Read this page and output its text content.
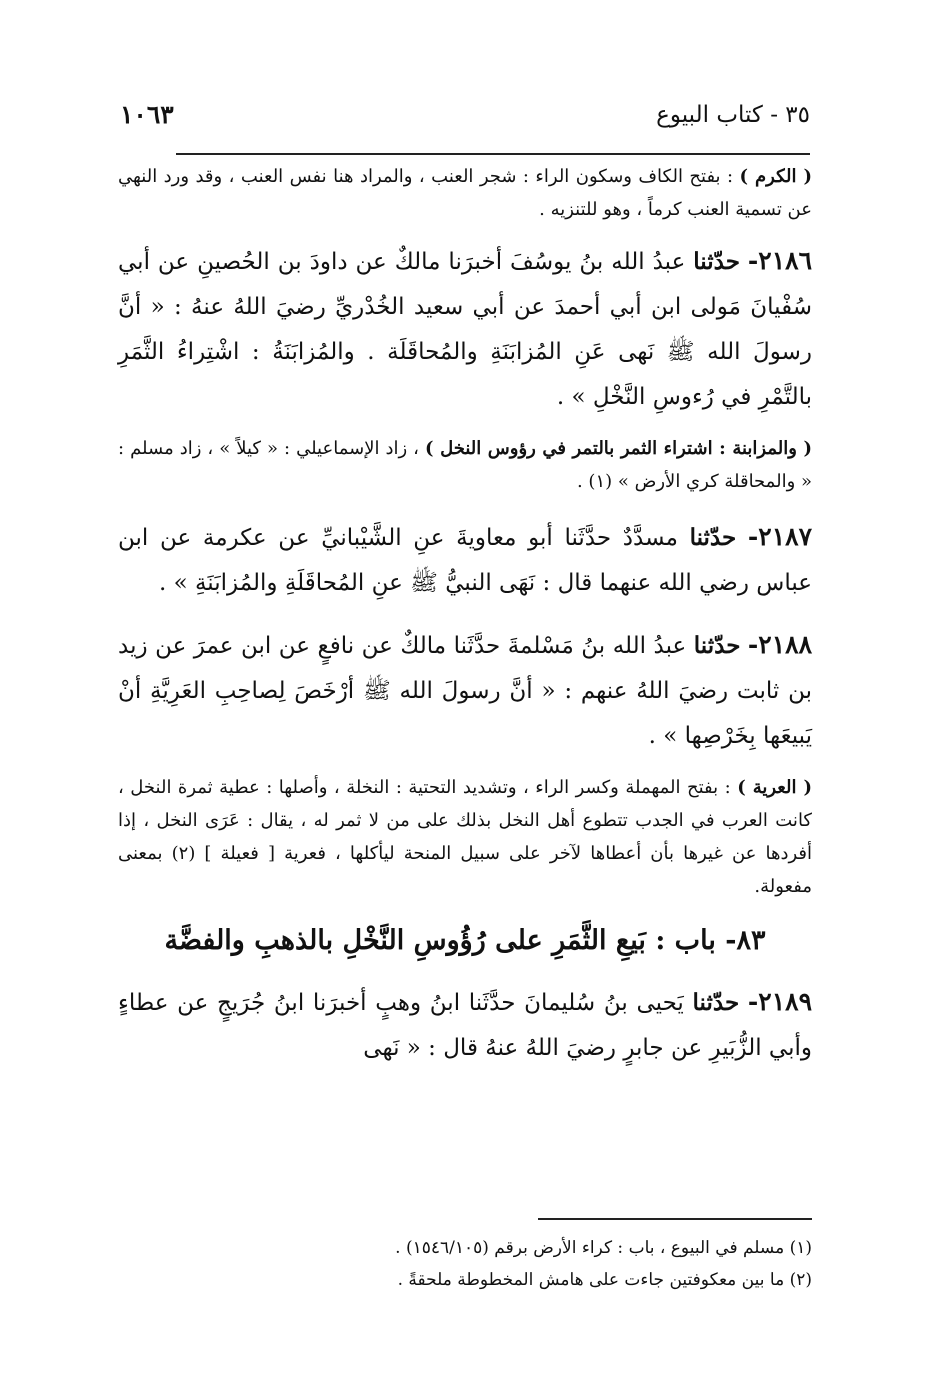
٣٥ - كتاب البيوع
١٠٦٣

( الكرم ) : بفتح الكاف وسكون الراء : شجر العنب ، والمراد هنا نفس العنب ، وقد ورد النهي عن تسمية العنب كرماً ، وهو للتنزيه .

٢١٨٦- حدّثنا عبدُ الله بنُ يوسُفَ أخبرَنا مالكٌ عن داودَ بن الحُصينِ عن أبي سُفْيانَ مَولى ابن أبي أحمدَ عن أبي سعيد الخُدْريِّ رضيَ اللهُ عنهُ : « أنَّ رسولَ الله ﷺ نَهى عَنِ المُزابَنَةِ والمُحاقَلَة . والمُزابَنَةُ : اشْتِراءُ الثَّمَرِ بالتَّمْرِ في رُءوسِ النَّخْلِ » .

( والمزابنة : اشتراء الثمر بالتمر في رؤوس النخل ) ، زاد الإسماعيلي : « كيلاً » ، زاد مسلم : « والمحاقلة كري الأرض » (١) .

٢١٨٧- حدّثنا مسدَّدٌ حدَّثَنا أبو معاويةَ عنِ الشَّيْبانيِّ عن عكرمة عن ابن عباس رضي الله عنهما قال : نَهَى النبيُّ ﷺ عنِ المُحاقَلَةِ والمُزابَنَةِ » .

٢١٨٨- حدّثنا عبدُ الله بنُ مَسْلمةَ حدَّثَنا مالكٌ عن نافعٍ عن ابن عمرَ عن زيد بن ثابت رضيَ اللهُ عنهم : « أنَّ رسولَ الله ﷺ أرْخَصَ لِصاحِبِ العَرِيَّةِ أنْ يَبيعَها بِخَرْصِها » .

( العرية ) : بفتح المهملة وكسر الراء ، وتشديد التحتية : النخلة ، وأصلها : عطية ثمرة النخل ، كانت العرب في الجدب تتطوع أهل النخل بذلك على من لا ثمر له ، يقال : عَرَى النخل ، إذا أفردها عن غيرها بأن أعطاها لآخر على سبيل المنحة ليأكلها ، فعرية [ فعيلة ] (٢) بمعنى مفعولة.

٨٣- باب : بَيعِ الثَّمَرِ على رُؤُوسِ النَّخْلِ بالذهبِ والفضَّة

٢١٨٩- حدّثنا يَحيى بنُ سُليمانَ حدَّثَنا ابنُ وهبٍ أخبرَنا ابنُ جُرَيجٍ عن عطاءٍ وأبي الزُّبَيرِ عن جابرٍ رضيَ اللهُ عنهُ قال : « نَهى

(١) مسلم في البيوع ، باب : كراء الأرض برقم (١٥٤٦/١٠٥) .

(٢) ما بين معكوفتين جاءت على هامش المخطوطة ملحقةً .
